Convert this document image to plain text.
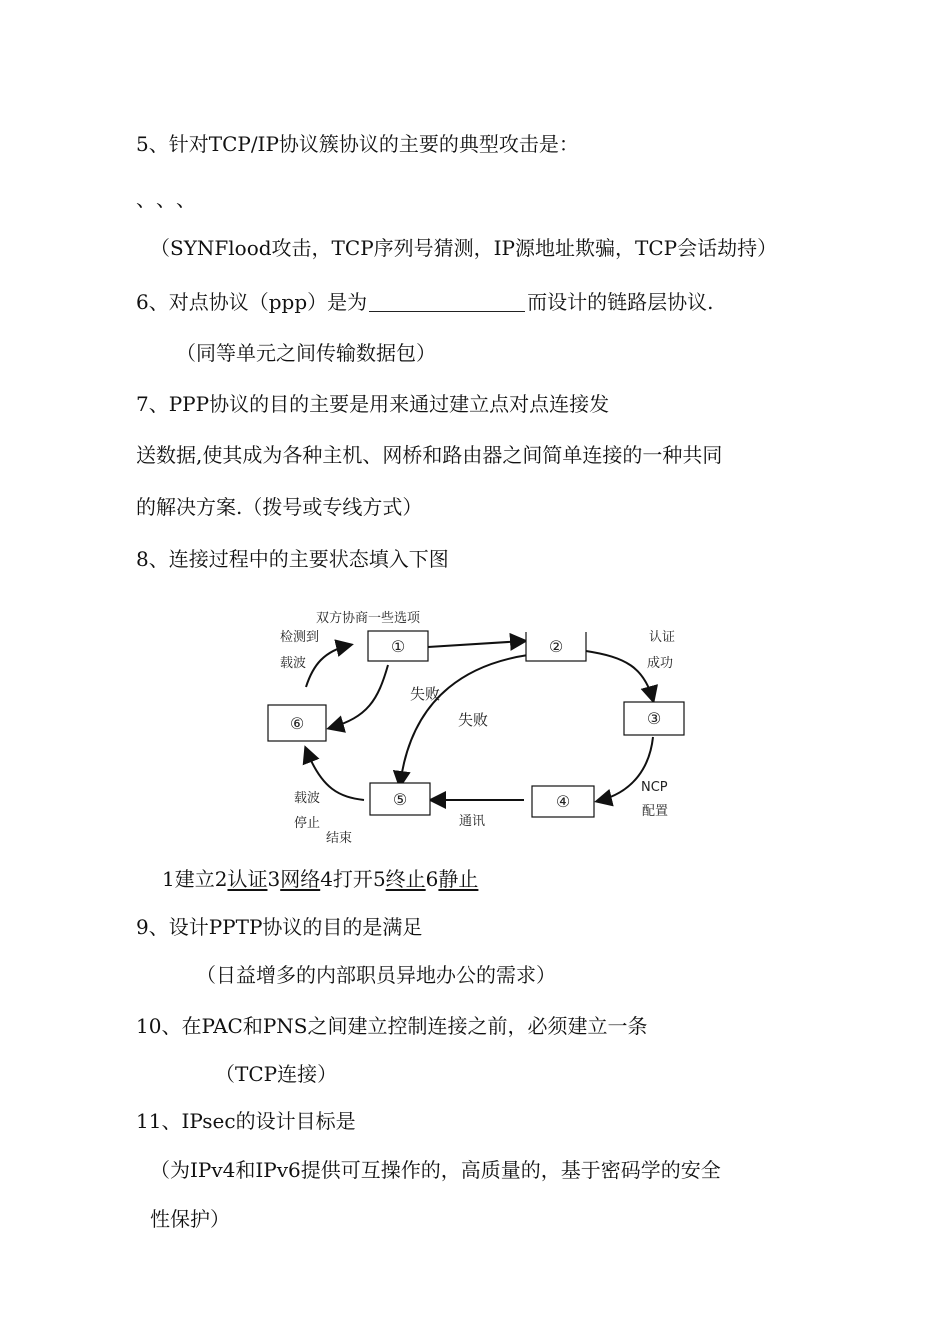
5、针对TCP/IP协议簇协议的主要的典型攻击是：
、、、
（SYNFlood攻击，TCP序列号猜测，IP源地址欺骗，TCP会话劫持）
6、对点协议（ppp）是为	而设计的链路层协议.
（同等单元之间传输数据包）
7、PPP协议的目的主要是用来通过建立点对点连接发
送数据,使其成为各种主机、网桥和路由器之间简单连接的一种共同
的解决方案.（拨号或专线方式）
8、连接过程中的主要状态填入下图
①	②
③
④
⑤
⑥
双方协商一些选项
检测到
载波
认证
成功
NCP
配置
通讯
载波
停止
结束
失败
失败
1建立2认证3网络4打开5终止6静止
9、设计PPTP协议的目的是满足
（日益增多的内部职员异地办公的需求）
10、在PAC和PNS之间建立控制连接之前，必须建立一条
（TCP连接）
11、IPsec的设计目标是
（为IPv4和IPv6提供可互操作的，高质量的，基于密码学的安全
性保护）
